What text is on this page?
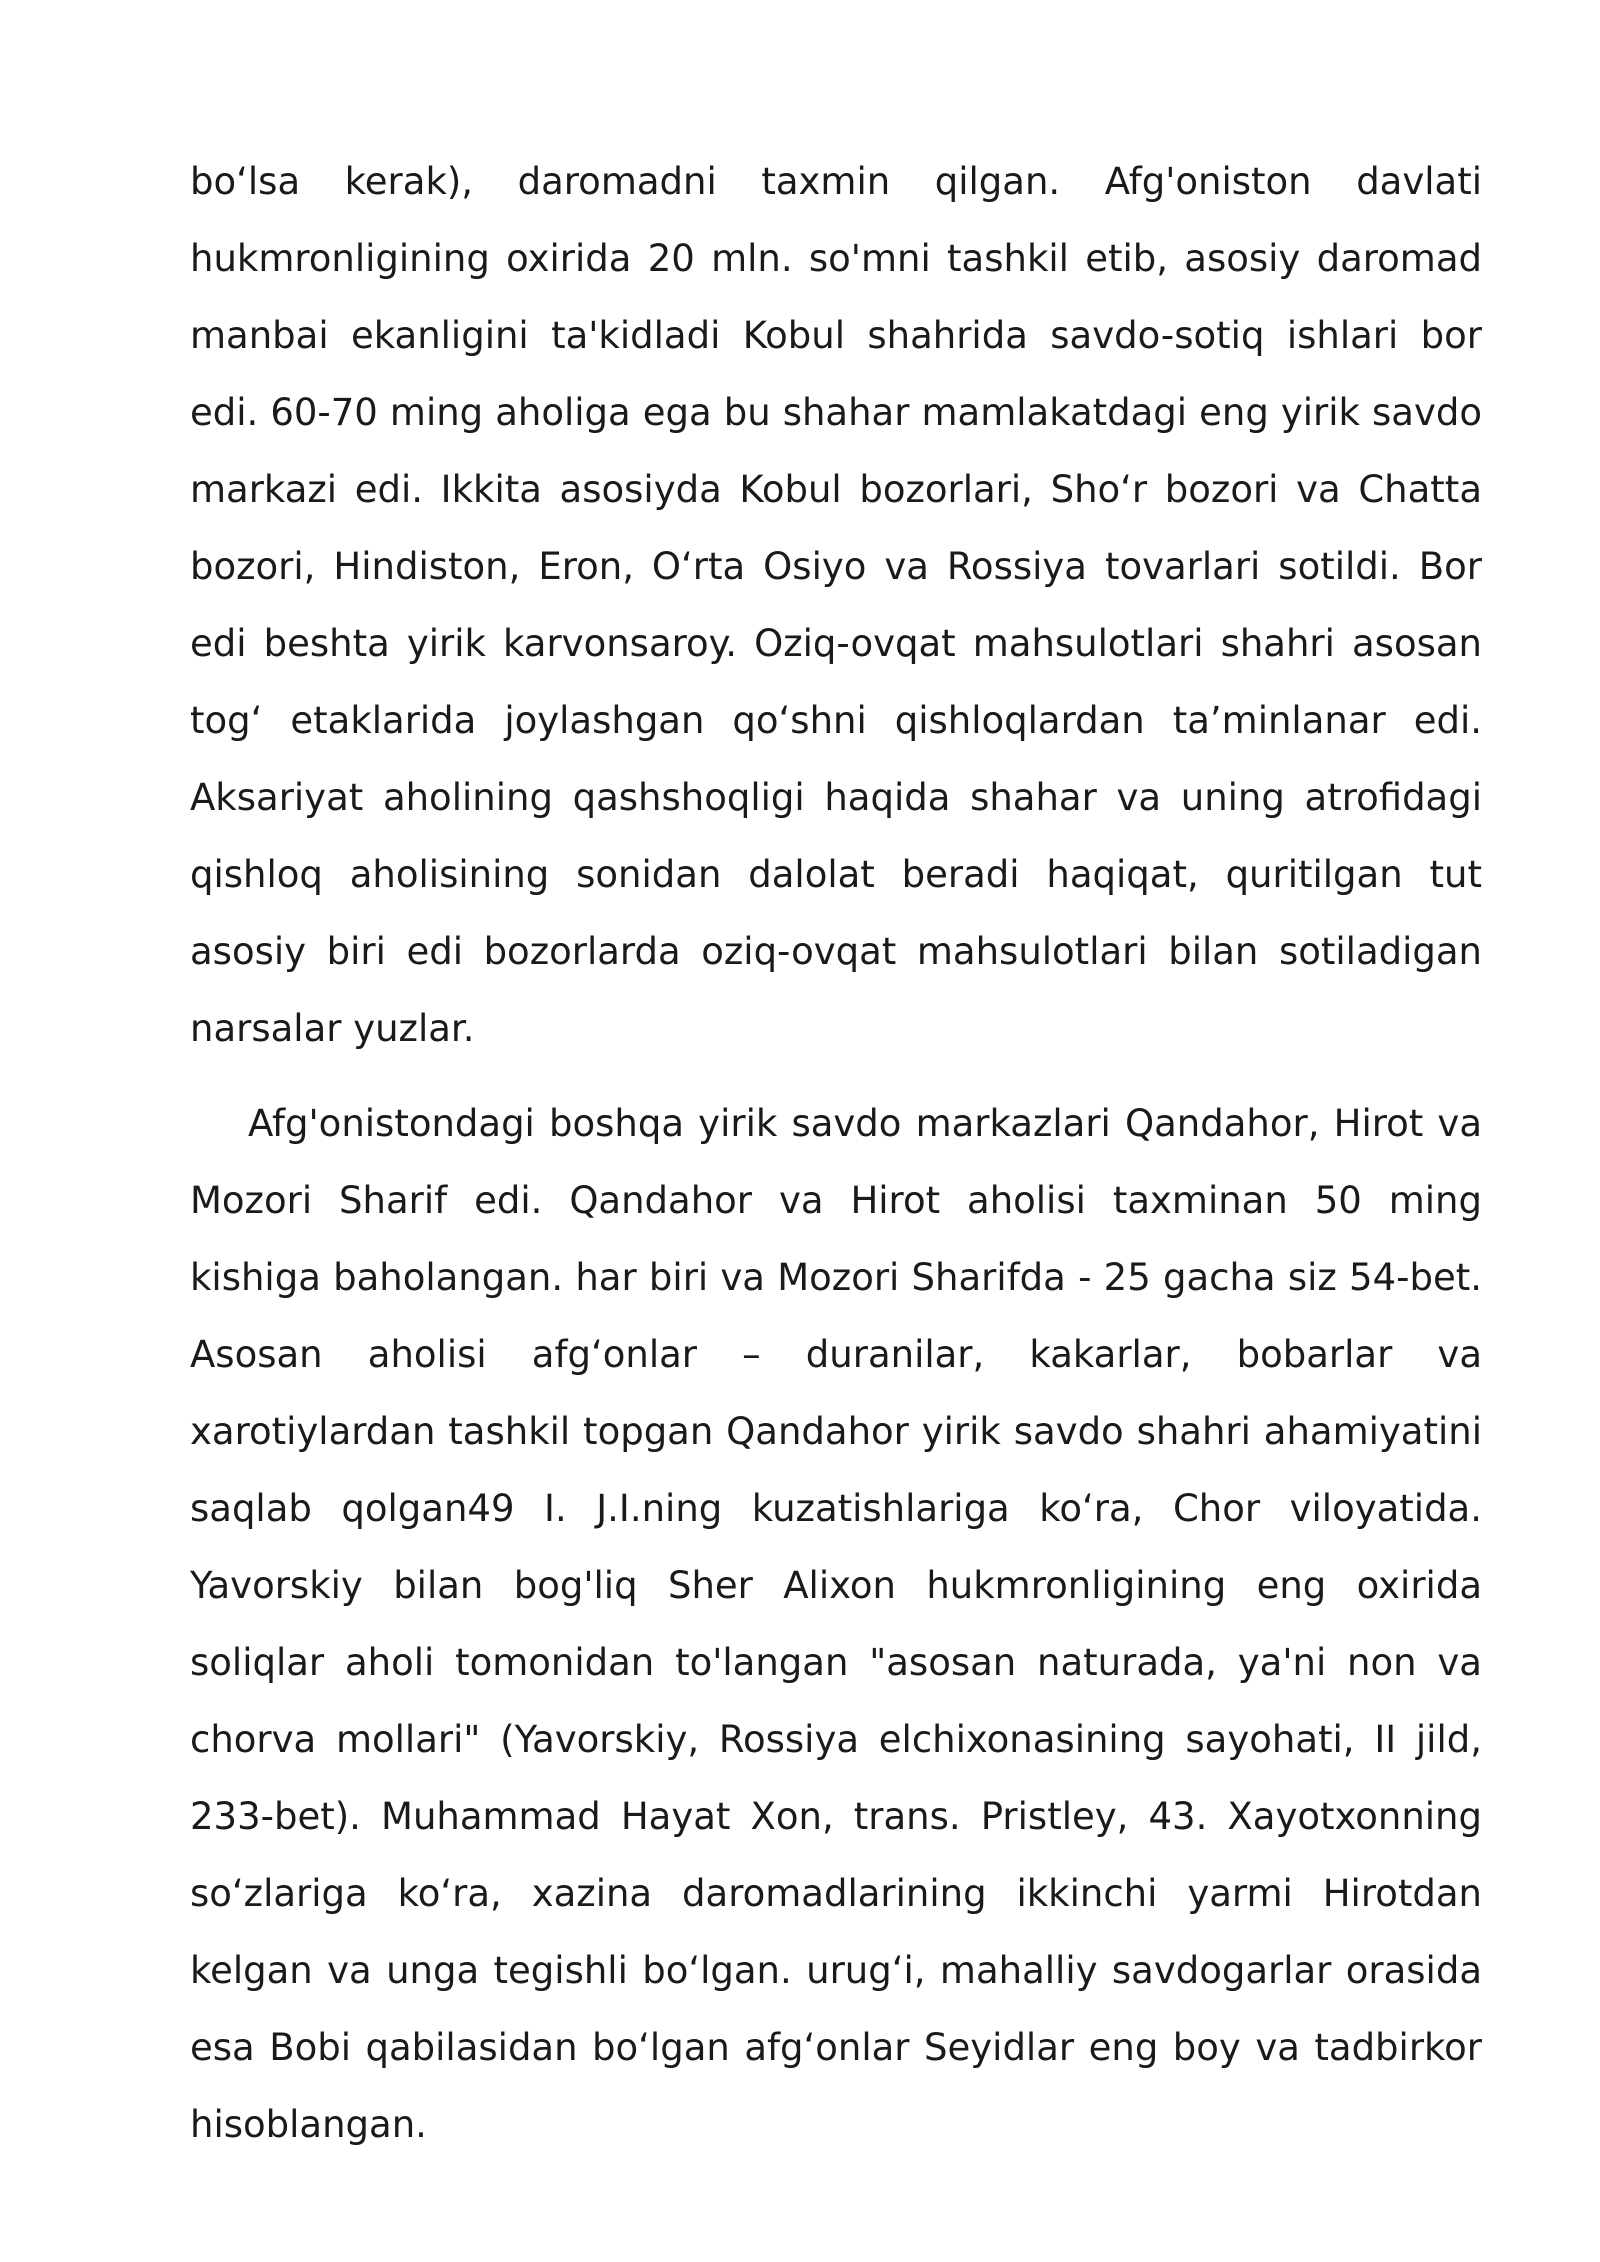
bo‘lsa kerak), daromadni taxmin qilgan. Afg'oniston davlati hukmronligining oxirida 20 mln. so'mni tashkil etib, asosiy daromad manbai ekanligini ta'kidladi Kobul shahrida savdo-sotiq ishlari bor edi. 60-70 ming aholiga ega bu shahar mamlakatdagi eng yirik savdo markazi edi. Ikkita asosiyda Kobul bozorlari, Sho‘r bozori va Chatta bozori, Hindiston, Eron, O‘rta Osiyo va Rossiya tovarlari sotildi. Bor edi beshta yirik karvonsaroy. Oziq-ovqat mahsulotlari shahri asosan tog‘ etaklarida joylashgan qo‘shni qishloqlardan ta’minlanar edi. Aksariyat aholining qashshoqligi haqida shahar va uning atrofidagi qishloq aholisining sonidan dalolat beradi haqiqat, quritilgan tut asosiy biri edi bozorlarda oziq-ovqat mahsulotlari bilan sotiladigan narsalar yuzlar.

Afg'onistondagi boshqa yirik savdo markazlari Qandahor, Hirot va Mozori Sharif edi. Qandahor va Hirot aholisi taxminan 50 ming kishiga baholangan. har biri va Mozori Sharifda - 25 gacha siz 54-bet. Asosan aholisi afg‘onlar – duranilar, kakarlar, bobarlar va xarotiylardan tashkil topgan Qandahor yirik savdo shahri ahamiyatini saqlab qolgan49 I. J.I.ning kuzatishlariga ko‘ra, Chor viloyatida. Yavorskiy bilan bog'liq Sher Alixon hukmronligining eng oxirida soliqlar aholi tomonidan to'langan "asosan naturada, ya'ni non va chorva mollari" (Yavorskiy, Rossiya elchixonasining sayohati, II jild, 233-bet). Muhammad Hayat Xon, trans. Pristley, 43. Xayotxonning so‘zlariga ko‘ra, xazina daromadlarining ikkinchi yarmi Hirotdan kelgan va unga tegishli bo‘lgan. urug‘i, mahalliy savdogarlar orasida esa Bobi qabilasidan bo‘lgan afg‘onlar Seyidlar eng boy va tadbirkor hisoblangan.
